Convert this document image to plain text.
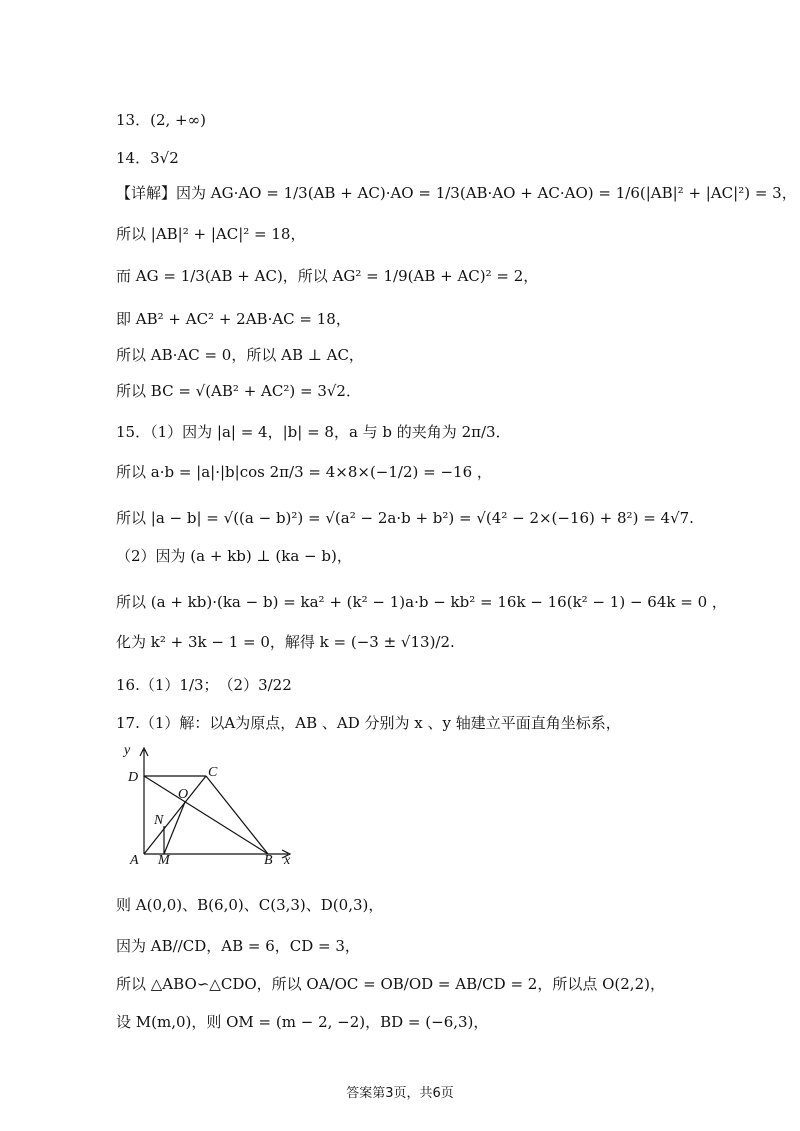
13．(2, +∞)
14．3√2
【详解】因为 AG·AO = 1/3(AB + AC)·AO = 1/3(AB·AO + AC·AO) = 1/6(|AB|² + |AC|²) = 3，
所以 |AB|² + |AC|² = 18，
而 AG = 1/3(AB + AC)，所以 AG² = 1/9(AB + AC)² = 2，
即 AB² + AC² + 2AB·AC = 18，
所以 AB·AC = 0，所以 AB ⊥ AC，
所以 BC = √(AB² + AC²) = 3√2．
15．（1）因为 |a| = 4，|b| = 8，a 与 b 的夹角为 2π/3．
所以 a·b = |a|·|b|cos 2π/3 = 4×8×(−1/2) = −16 ，
所以 |a − b| = √((a − b)²) = √(a² − 2a·b + b²) = √(4² − 2×(−16) + 8²) = 4√7.
（2）因为 (a + kb) ⊥ (ka − b)，
所以 (a + kb)·(ka − b) = ka² + (k² − 1)a·b − kb² = 16k − 16(k² − 1) − 64k = 0 ，
化为 k² + 3k − 1 = 0，解得 k = (−3 ± √13)/2.
16.（1）1/3；　（2）3/22
17.（1）解：以A为原点，AB 、AD 分别为 x 、y 轴建立平面直角坐标系，
y
D	C
O
N
A M	B x
则 A(0,0)、B(6,0)、C(3,3)、D(0,3)，
因为 AB//CD，AB = 6，CD = 3，
所以 △ABO∽△CDO，所以 OA/OC = OB/OD = AB/CD = 2，所以点 O(2,2)，
设 M(m,0)，则 OM = (m − 2, −2)，BD = (−6,3)，
答案第3页，共6页
